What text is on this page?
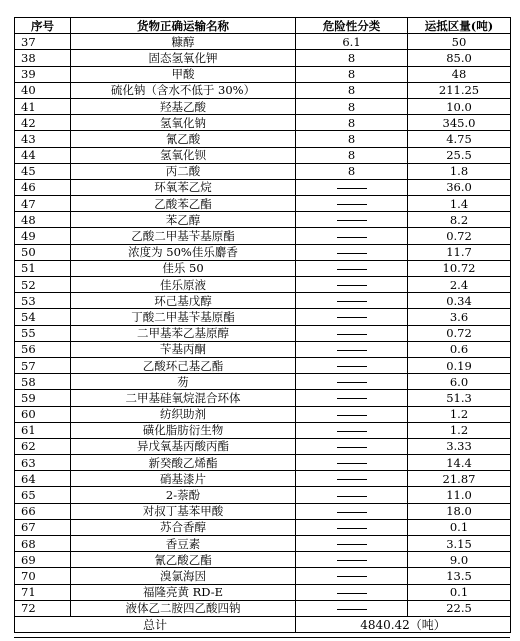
序号	货物正确运输名称	危险性分类	运抵区量(吨)
37	糠醇	6.1	50
38	固态氢氧化钾	8	85.0
39	甲酸	8	48
40	硫化钠（含水不低于 30%）	8	211.25
41	羟基乙酸	8	10.0
42	氢氧化钠	8	345.0
43	氰乙酸	8	4.75
44	氢氧化钡	8	25.5
45	丙二酸	8	1.8
46	环氧苯乙烷		36.0
47	乙酸苯乙酯		1.4
48	苯乙醇		8.2
49	乙酸二甲基苄基原酯		0.72
50	浓度为 50%佳乐麝香		11.7
51	佳乐 50		10.72
52	佳乐原液		2.4
53	环己基戊醇		0.34
54	丁酸二甲基苄基原酯		3.6
55	二甲基苯乙基原醇		0.72
56	苄基丙酮		0.6
57	乙酸环己基乙酯		0.19
58	芴		6.0
59	二甲基硅氧烷混合环体		51.3
60	纺织助剂		1.2
61	磺化脂肪衍生物		1.2
62	异戊氧基丙酸丙酯		3.33
63	新癸酸乙烯酯		14.4
64	硝基漆片		21.87
65	2-萘酚		11.0
66	对叔丁基苯甲酸		18.0
67	苏合香醇		0.1
68	香豆素		3.15
69	氰乙酸乙酯		9.0
70	溴氯海因		13.5
71	福隆亮黄 RD-E		0.1
72	液体乙二胺四乙酸四钠		22.5
总计		4840.42（吨）	
